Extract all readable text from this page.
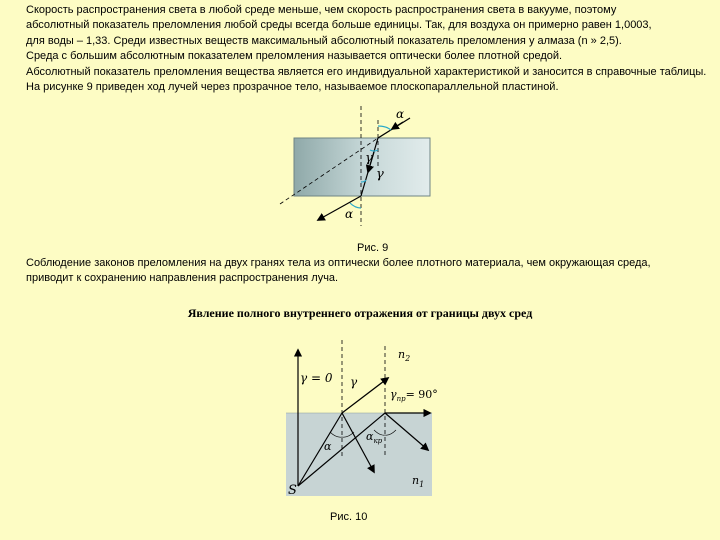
Скорость распространения света в любой среде меньше, чем скорость распространения света в вакууме, поэтому

абсолютный показатель преломления любой среды всегда больше единицы. Так, для воздуха он примерно равен 1,0003,

для воды – 1,33. Среди известных веществ максимальный абсолютный показатель преломления у алмаза (n » 2,5).

Среда с большим абсолютным показателем преломления называется оптически более плотной средой.

Абсолютный показатель преломления вещества является его индивидуальной характеристикой и заносится в справочные таблицы.

На рисунке 9 приведен ход лучей через прозрачное тело, называемое плоскопараллельной пластиной.

α
γ
γ
α
Рис. 9

Соблюдение законов преломления на двух гранях тела из оптически более плотного материала, чем окружающая среда,

приводит к сохранению направления распространения луча.

Явление полного внутреннего отражения от границы двух сред
γ = 0 γ
$n_2$
$\gamma_{пр}= 90^\circ$
α
$\alpha_{кр}$
$n_1$
S
Рис. 10
